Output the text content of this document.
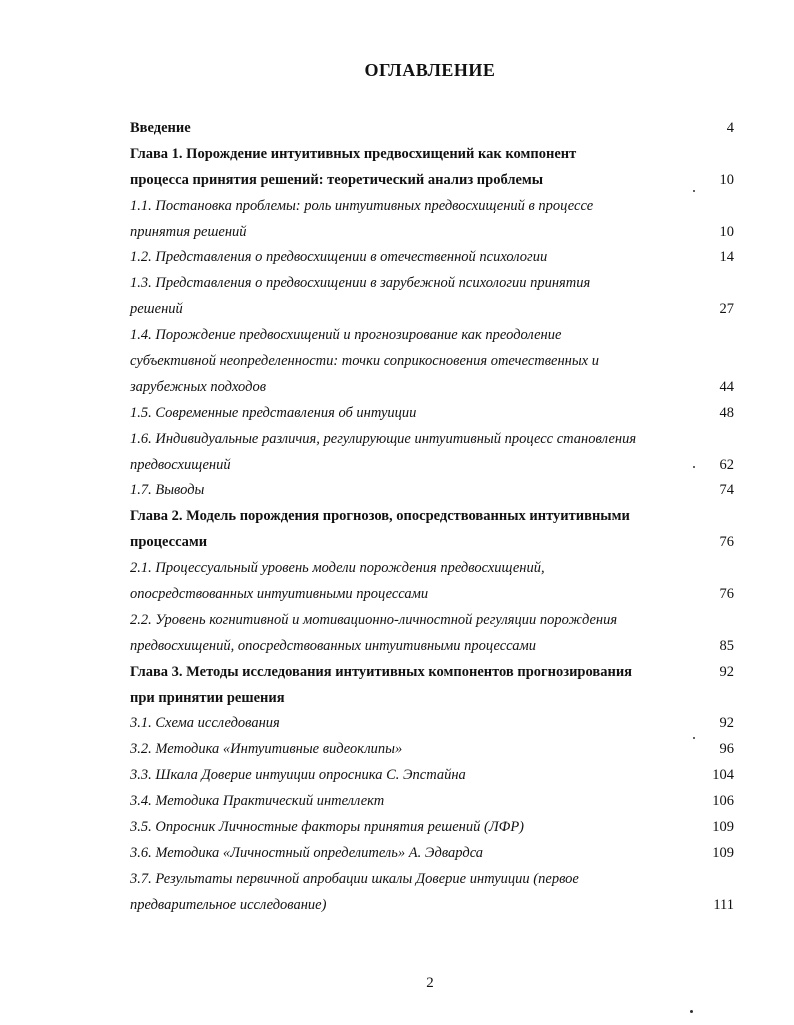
ОГЛАВЛЕНИЕ
Введение	4
Глава 1. Порождение интуитивных предвосхищений как компонент
процесса принятия решений: теоретический анализ проблемы	10
1.1. Постановка проблемы: роль интуитивных предвосхищений в процессе
принятия решений	10
1.2. Представления о предвосхищении в отечественной психологии	14
1.3. Представления о предвосхищении в зарубежной психологии принятия
решений	27
1.4. Порождение предвосхищений и прогнозирование как преодоление
субъективной неопределенности: точки соприкосновения отечественных и
зарубежных подходов	44
1.5. Современные представления об интуиции	48
1.6. Индивидуальные различия, регулирующие интуитивный процесс становления
предвосхищений	62
1.7. Выводы	74
Глава 2. Модель порождения прогнозов, опосредствованных интуитивными
процессами	76
2.1. Процессуальный уровень модели порождения предвосхищений,
опосредствованных интуитивными процессами	76
2.2. Уровень когнитивной и мотивационно-личностной регуляции порождения
предвосхищений, опосредствованных интуитивными процессами	85
Глава 3. Методы исследования интуитивных компонентов прогнозирования	92
при принятии решения
3.1. Схема исследования	92
3.2. Методика «Интуитивные видеоклипы»	96
3.3. Шкала Доверие интуиции опросника С. Эпстайна	104
3.4. Методика Практический интеллект	106
3.5. Опросник Личностные факторы принятия решений (ЛФР)	109
3.6. Методика «Личностный определитель» А. Эдвардса	109
3.7. Результаты первичной апробации шкалы Доверие интуиции (первое
предварительное исследование)	111
2
